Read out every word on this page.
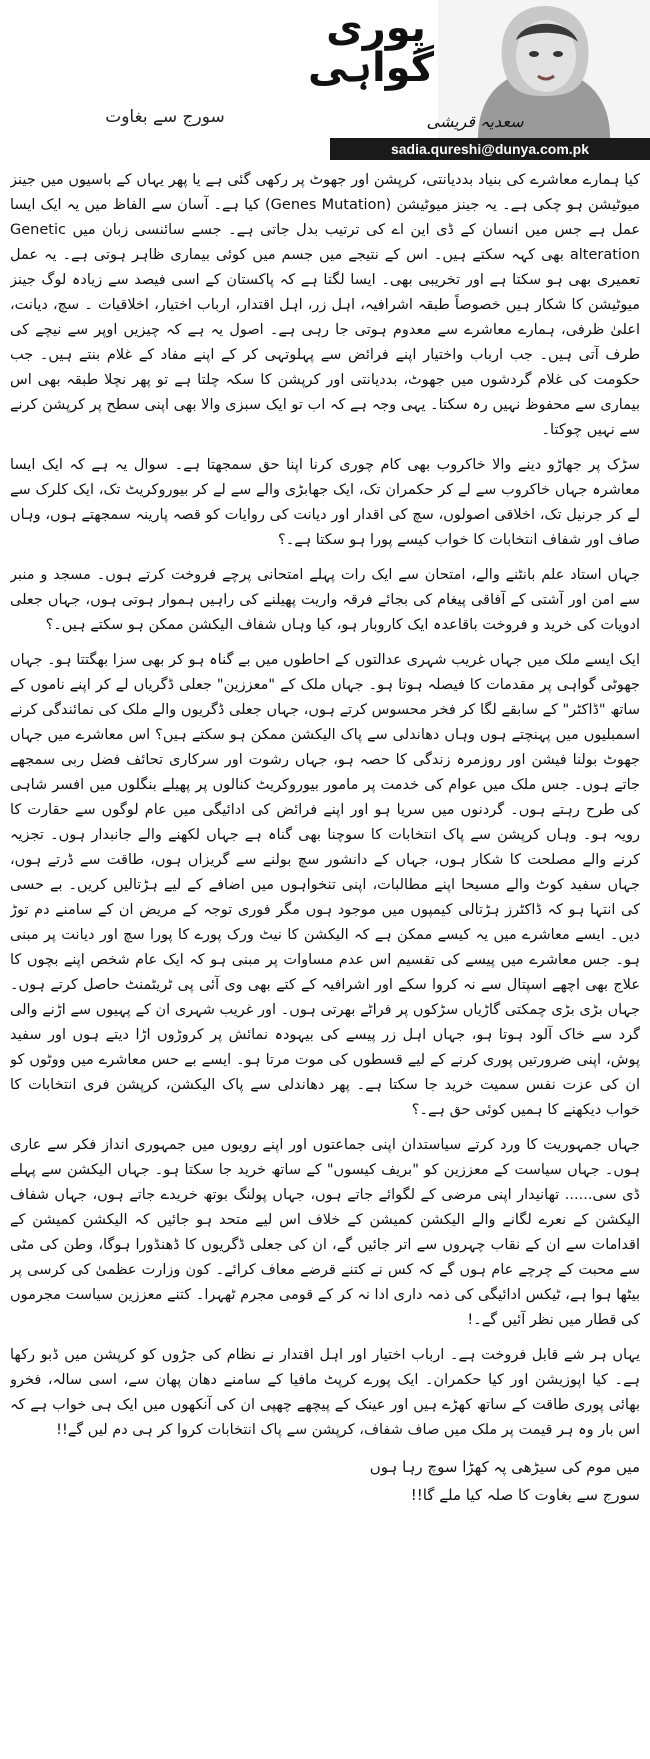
سورج سے بغاوت
پوری
گواہی
سعدیہ قریشی
sadia.qureshi@dunya.com.pk

کیا ہمارے معاشرے کی بنیاد بددیانتی، کرپشن اور جھوٹ پر رکھی گئی ہے یا پھر یہاں کے باسیوں میں جینز میوٹیشن ہو چکی ہے۔ یہ جینز میوٹیشن (Genes Mutation) کیا ہے۔ آسان سے الفاظ میں یہ ایک ایسا عمل ہے جس میں انسان کے ڈی این اے کی ترتیب بدل جاتی ہے۔ جسے سائنسی زبان میں Genetic alteration بھی کہہ سکتے ہیں۔ اس کے نتیجے میں جسم میں کوئی بیماری ظاہر ہوتی ہے۔ یہ عمل تعمیری بھی ہو سکتا ہے اور تخریبی بھی۔ ایسا لگتا ہے کہ پاکستان کے اسی فیصد سے زیادہ لوگ جینز میوٹیشن کا شکار ہیں خصوصاً طبقہ اشرافیہ، اہل زر، اہل اقتدار، ارباب اختیار، اخلاقیات ۔ سچ، دیانت، اعلیٰ ظرفی، ہمارے معاشرے سے معدوم ہوتی جا رہی ہے۔ اصول یہ ہے کہ چیزیں اوپر سے نیچے کی طرف آتی ہیں۔ جب ارباب واختیار اپنے فرائض سے پہلوتہی کر کے اپنے مفاد کے غلام بنتے ہیں۔ جب حکومت کی غلام گردشوں میں جھوٹ، بددیانتی اور کرپشن کا سکہ چلتا ہے تو پھر نچلا طبقہ بھی اس بیماری سے محفوظ نہیں رہ سکتا۔ یہی وجہ ہے کہ اب تو ایک سبزی والا بھی اپنی سطح پر کرپشن کرنے سے نہیں چوکتا۔

سڑک پر جھاڑو دینے والا خاکروب بھی کام چوری کرنا اپنا حق سمجھتا ہے۔ سوال یہ ہے کہ ایک ایسا معاشرہ جہاں خاکروب سے لے کر حکمران تک، ایک جھابڑی والے سے لے کر بیوروکریٹ تک، ایک کلرک سے لے کر جرنیل تک، اخلاقی اصولوں، سچ کی اقدار اور دیانت کی روایات کو قصہ پارینہ سمجھتے ہوں، وہاں صاف اور شفاف انتخابات کا خواب کیسے پورا ہو سکتا ہے۔؟

جہاں استاد علم بانٹنے والے، امتحان سے ایک رات پہلے امتحانی پرچے فروخت کرتے ہوں۔ مسجد و منبر سے امن اور آشتی کے آفاقی پیغام کی بجائے فرقہ واریت پھیلنے کی راہیں ہموار ہوتی ہوں، جہاں جعلی ادویات کی خرید و فروخت باقاعدہ ایک کاروبار ہو، کیا وہاں شفاف الیکشن ممکن ہو سکتے ہیں۔؟

ایک ایسے ملک میں جہاں غریب شہری عدالتوں کے احاطوں میں بے گناہ ہو کر بھی سزا بھگتتا ہو۔ جہاں جھوٹی گواہی پر مقدمات کا فیصلہ ہوتا ہو۔ جہاں ملک کے "معززین" جعلی ڈگریاں لے کر اپنے ناموں کے ساتھ "ڈاکٹر" کے سابقے لگا کر فخر محسوس کرتے ہوں، جہاں جعلی ڈگریوں والے ملک کی نمائندگی کرنے اسمبلیوں میں پہنچتے ہوں وہاں دھاندلی سے پاک الیکشن ممکن ہو سکتے ہیں؟ اس معاشرے میں جہاں جھوٹ بولنا فیشن اور روزمرہ زندگی کا حصہ ہو، جہاں رشوت اور سرکاری تحائف فضل ربی سمجھے جاتے ہوں۔ جس ملک میں عوام کی خدمت پر مامور بیوروکریٹ کنالوں پر پھیلے بنگلوں میں افسر شاہی کی طرح رہتے ہوں۔ گردنوں میں سریا ہو اور اپنے فرائض کی ادائیگی میں عام لوگوں سے حقارت کا رویہ ہو۔ وہاں کرپشن سے پاک انتخابات کا سوچنا بھی گناہ ہے جہاں لکھنے والے جانبدار ہوں۔ تجزیہ کرنے والے مصلحت کا شکار ہوں، جہاں کے دانشور سچ بولنے سے گریزاں ہوں، طاقت سے ڈرتے ہوں، جہاں سفید کوٹ والے مسیحا اپنے مطالبات، اپنی تنخواہوں میں اضافے کے لیے ہڑتالیں کریں۔ بے حسی کی انتہا ہو کہ ڈاکٹرز ہڑتالی کیمپوں میں موجود ہوں مگر فوری توجہ کے مریض ان کے سامنے دم توڑ دیں۔ ایسے معاشرے میں یہ کیسے ممکن ہے کہ الیکشن کا نیٹ ورک پورے کا پورا سچ اور دیانت پر مبنی ہو۔ جس معاشرے میں پیسے کی تقسیم اس عدم مساوات پر مبنی ہو کہ ایک عام شخص اپنے بچوں کا علاج بھی اچھے اسپتال سے نہ کروا سکے اور اشرافیہ کے کتے بھی وی آئی پی ٹریٹمنٹ حاصل کرتے ہوں۔ جہاں بڑی بڑی چمکتی گاڑیاں سڑکوں پر فراٹے بھرتی ہوں۔ اور غریب شہری ان کے پہیوں سے اڑنے والی گرد سے خاک آلود ہوتا ہو، جہاں اہل زر پیسے کی بیہودہ نمائش پر کروڑوں اڑا دیتے ہوں اور سفید پوش، اپنی ضرورتیں پوری کرنے کے لیے قسطوں کی موت مرتا ہو۔ ایسے بے حس معاشرے میں ووٹوں کو ان کی عزت نفس سمیت خرید جا سکتا ہے۔ پھر دھاندلی سے پاک الیکشن، کرپشن فری انتخابات کا خواب دیکھنے کا ہمیں کوئی حق ہے۔؟

جہاں جمہوریت کا ورد کرتے سیاستدان اپنی جماعتوں اور اپنے رویوں میں جمہوری انداز فکر سے عاری ہوں۔ جہاں سیاست کے معززین کو "بریف کیسوں" کے ساتھ خرید جا سکتا ہو۔ جہاں الیکشن سے پہلے ڈی سی...... تھانیدار اپنی مرضی کے لگوائے جاتے ہوں، جہاں پولنگ بوتھ خریدے جاتے ہوں، جہاں شفاف الیکشن کے نعرے لگانے والے الیکشن کمیشن کے خلاف اس لیے متحد ہو جائیں کہ الیکشن کمیشن کے اقدامات سے ان کے نقاب چہروں سے اتر جائیں گے، ان کی جعلی ڈگریوں کا ڈھنڈورا ہوگا، وطن کی مٹی سے محبت کے چرچے عام ہوں گے کہ کس نے کتنے قرضے معاف کرائے۔ کون وزارت عظمیٰ کی کرسی پر بیٹھا ہوا ہے، ٹیکس ادائیگی کی ذمہ داری ادا نہ کر کے قومی مجرم ٹھہرا۔ کتنے معززین سیاست مجرموں کی قطار میں نظر آئیں گے۔!

یہاں ہر شے قابل فروخت ہے۔ ارباب اختیار اور اہل اقتدار نے نظام کی جڑوں کو کرپشن میں ڈبو رکھا ہے۔ کیا اپوزیشن اور کیا حکمران۔ ایک پورے کرپٹ مافیا کے سامنے دھان پھان سے، اسی سالہ، فخرو بھائی پوری طاقت کے ساتھ کھڑے ہیں اور عینک کے پیچھے چھپی ان کی آنکھوں میں ایک ہی خواب ہے کہ اس بار وہ ہر قیمت پر ملک میں صاف شفاف، کرپشن سے پاک انتخابات کروا کر ہی دم لیں گے!!

میں موم کی سیڑھی پہ کھڑا سوچ رہا ہوں
سورج سے بغاوت کا صلہ کیا ملے گا!!
